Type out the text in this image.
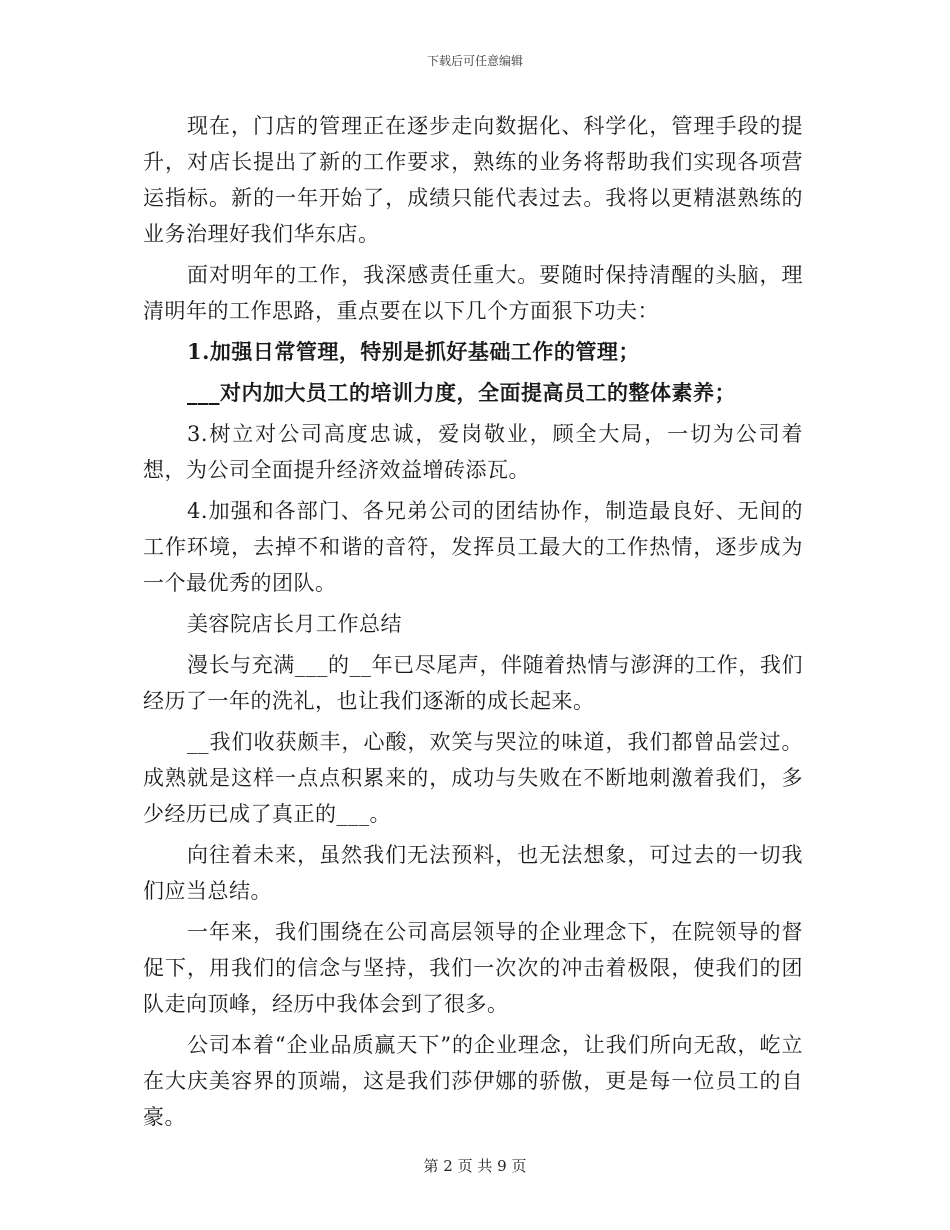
下载后可任意编辑

现在，门店的管理正在逐步走向数据化、科学化，管理手段的提升，对店长提出了新的工作要求，熟练的业务将帮助我们实现各项营运指标。新的一年开始了，成绩只能代表过去。我将以更精湛熟练的业务治理好我们华东店。

面对明年的工作，我深感责任重大。要随时保持清醒的头脑，理清明年的工作思路，重点要在以下几个方面狠下功夫：

1.加强日常管理，特别是抓好基础工作的管理；

___对内加大员工的培训力度，全面提高员工的整体素养；

3.树立对公司高度忠诚，爱岗敬业，顾全大局，一切为公司着想，为公司全面提升经济效益增砖添瓦。

4.加强和各部门、各兄弟公司的团结协作，制造最良好、无间的工作环境，去掉不和谐的音符，发挥员工最大的工作热情，逐步成为一个最优秀的团队。

美容院店长月工作总结

漫长与充满___的__年已尽尾声，伴随着热情与澎湃的工作，我们经历了一年的洗礼，也让我们逐渐的成长起来。

__我们收获颇丰，心酸，欢笑与哭泣的味道，我们都曾品尝过。成熟就是这样一点点积累来的，成功与失败在不断地刺激着我们，多少经历已成了真正的___。

向往着未来，虽然我们无法预料，也无法想象，可过去的一切我们应当总结。

一年来，我们围绕在公司高层领导的企业理念下，在院领导的督促下，用我们的信念与坚持，我们一次次的冲击着极限，使我们的团队走向顶峰，经历中我体会到了很多。

公司本着“企业品质赢天下”的企业理念，让我们所向无敌，屹立在大庆美容界的顶端，这是我们莎伊娜的骄傲，更是每一位员工的自豪。

第 2 页 共 9 页
